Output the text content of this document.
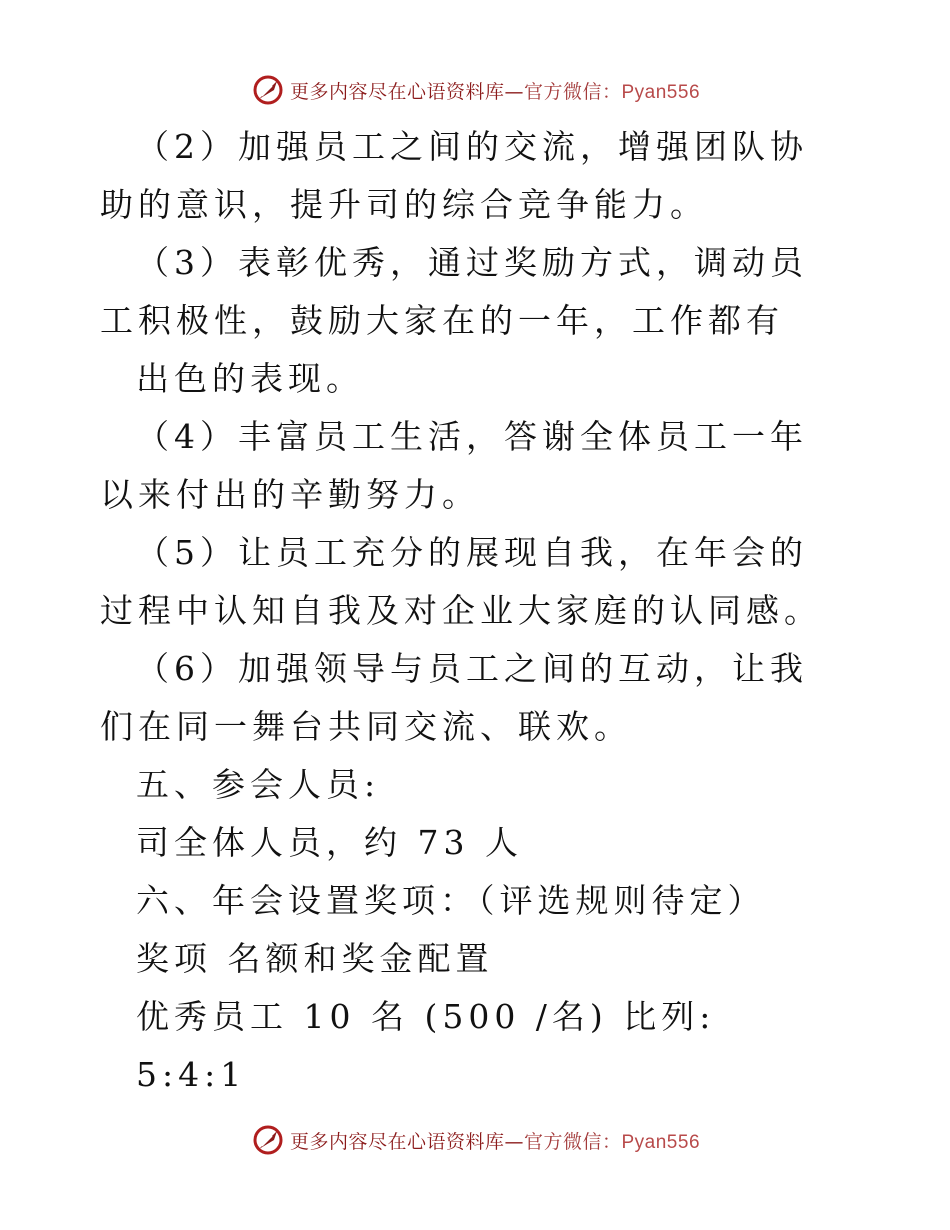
更多内容尽在心语资料库—官方微信：Pyan556

（2）加强员工之间的交流，增强团队协助的意识，提升司的综合竞争能力。

（3）表彰优秀，通过奖励方式，调动员工积极性，鼓励大家在的一年，工作都有

出色的表现。

（4）丰富员工生活，答谢全体员工一年以来付出的辛勤努力。

（5）让员工充分的展现自我，在年会的过程中认知自我及对企业大家庭的认同感。

（6）加强领导与员工之间的互动，让我们在同一舞台共同交流、联欢。

五、参会人员:

司全体人员，约 73 人

六、年会设置奖项：（评选规则待定）

奖项 名额和奖金配置

优秀员工 10 名 (500 /名) 比列: 5:4:1

更多内容尽在心语资料库—官方微信：Pyan556
